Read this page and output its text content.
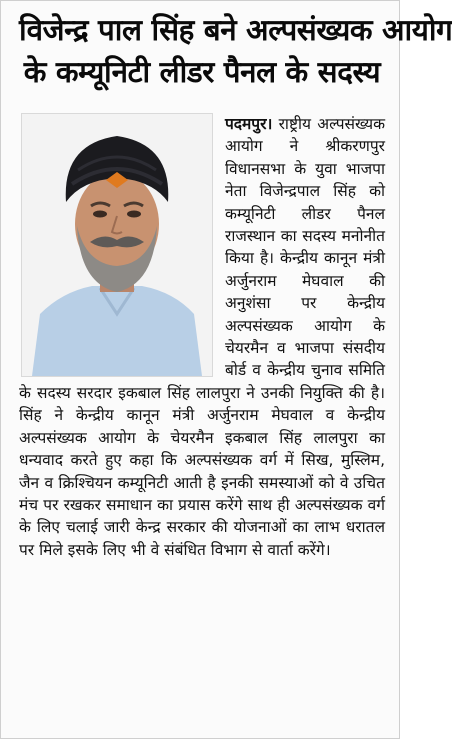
विजेन्द्र पाल सिंह बने अल्पसंख्यक आयोग
के कम्यूनिटी लीडर पैनल के सदस्य
पदमपुर। राष्ट्रीय अल्पसंख्यक आयोग ने श्रीकरणपुर विधानसभा के युवा भाजपा नेता विजेन्द्रपाल सिंह को कम्यूनिटी लीडर पैनल राजस्थान का सदस्य मनोनीत किया है। केन्द्रीय कानून मंत्री अर्जुनराम मेघवाल की अनुशंसा पर केन्द्रीय अल्पसंख्यक आयोग के चेयरमैन व भाजपा संसदीय बोर्ड व केन्द्रीय चुनाव समिति के सदस्य सरदार इकबाल सिंह लालपुरा ने उनकी नियुक्ति की है। सिंह ने केन्द्रीय कानून मंत्री अर्जुनराम मेघवाल व केन्द्रीय अल्पसंख्यक आयोग के चेयरमैन इकबाल सिंह लालपुरा का धन्यवाद करते हुए कहा कि अल्पसंख्यक वर्ग में सिख, मुस्लिम, जैन व क्रिश्चियन कम्यूनिटी आती है इनकी समस्याओं को वे उचित मंच पर रखकर समाधान का प्रयास करेंगे साथ ही अल्पसंख्यक वर्ग के लिए चलाई जारी केन्द्र सरकार की योजनाओं का लाभ धरातल पर मिले इसके लिए भी वे संबंधित विभाग से वार्ता करेंगे।
